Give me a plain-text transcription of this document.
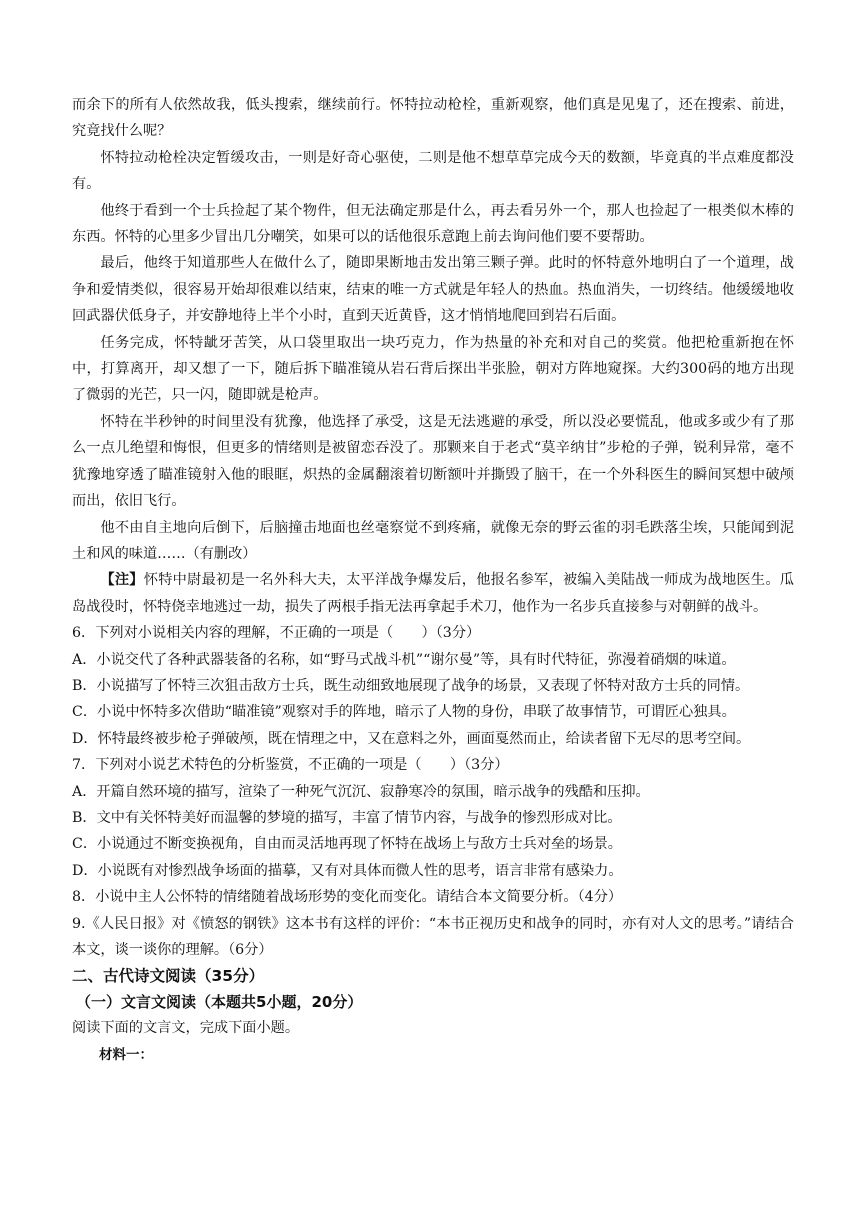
而余下的所有人依然故我，低头搜索，继续前行。怀特拉动枪栓，重新观察，他们真是见鬼了，还在搜索、前进，究竟找什么呢？

怀特拉动枪栓决定暂缓攻击，一则是好奇心驱使，二则是他不想草草完成今天的数额，毕竟真的半点难度都没有。

他终于看到一个士兵捡起了某个物件，但无法确定那是什么，再去看另外一个，那人也捡起了一根类似木棒的东西。怀特的心里多少冒出几分嘲笑，如果可以的话他很乐意跑上前去询问他们要不要帮助。

最后，他终于知道那些人在做什么了，随即果断地击发出第三颗子弹。此时的怀特意外地明白了一个道理，战争和爱情类似，很容易开始却很难以结束，结束的唯一方式就是年轻人的热血。热血消失，一切终结。他缓缓地收回武器伏低身子，并安静地待上半个小时，直到天近黄昏，这才悄悄地爬回到岩石后面。

任务完成，怀特龇牙苦笑，从口袋里取出一块巧克力，作为热量的补充和对自己的奖赏。他把枪重新抱在怀中，打算离开，却又想了一下，随后拆下瞄准镜从岩石背后探出半张脸，朝对方阵地窥探。大约300码的地方出现了微弱的光芒，只一闪，随即就是枪声。

怀特在半秒钟的时间里没有犹豫，他选择了承受，这是无法逃避的承受，所以没必要慌乱，他或多或少有了那么一点儿绝望和悔恨，但更多的情绪则是被留恋吞没了。那颗来自于老式“莫辛纳甘”步枪的子弹，锐利异常，毫不犹豫地穿透了瞄准镜射入他的眼眶，炽热的金属翻滚着切断额叶并撕毁了脑干，在一个外科医生的瞬间冥想中破颅而出，依旧飞行。

他不由自主地向后倒下，后脑撞击地面也丝毫察觉不到疼痛，就像无奈的野云雀的羽毛跌落尘埃，只能闻到泥土和风的味道……（有删改）

【注】怀特中尉最初是一名外科大夫，太平洋战争爆发后，他报名参军，被编入美陆战一师成为战地医生。瓜岛战役时，怀特侥幸地逃过一劫，损失了两根手指无法再拿起手术刀，他作为一名步兵直接参与对朝鲜的战斗。

6．下列对小说相关内容的理解，不正确的一项是（　　）（3分）

A．小说交代了各种武器装备的名称，如“野马式战斗机”“谢尔曼”等，具有时代特征，弥漫着硝烟的味道。

B．小说描写了怀特三次狙击敌方士兵，既生动细致地展现了战争的场景，又表现了怀特对敌方士兵的同情。

C．小说中怀特多次借助“瞄准镜”观察对手的阵地，暗示了人物的身份，串联了故事情节，可谓匠心独具。

D．怀特最终被步枪子弹破颅，既在情理之中，又在意料之外，画面戛然而止，给读者留下无尽的思考空间。

7．下列对小说艺术特色的分析鉴赏，不正确的一项是（　　）（3分）

A．开篇自然环境的描写，渲染了一种死气沉沉、寂静寒冷的氛围，暗示战争的残酷和压抑。

B．文中有关怀特美好而温馨的梦境的描写，丰富了情节内容，与战争的惨烈形成对比。

C．小说通过不断变换视角，自由而灵活地再现了怀特在战场上与敌方士兵对垒的场景。

D．小说既有对惨烈战争场面的描摹，又有对具体而微人性的思考，语言非常有感染力。

8．小说中主人公怀特的情绪随着战场形势的变化而变化。请结合本文简要分析。（4分）

9.《人民日报》对《愤怒的钢铁》这本书有这样的评价：“本书正视历史和战争的同时，亦有对人文的思考。”请结合本文，谈一谈你的理解。（6分）

二、古代诗文阅读（35分）

（一）文言文阅读（本题共5小题，20分）

阅读下面的文言文，完成下面小题。

材料一：
